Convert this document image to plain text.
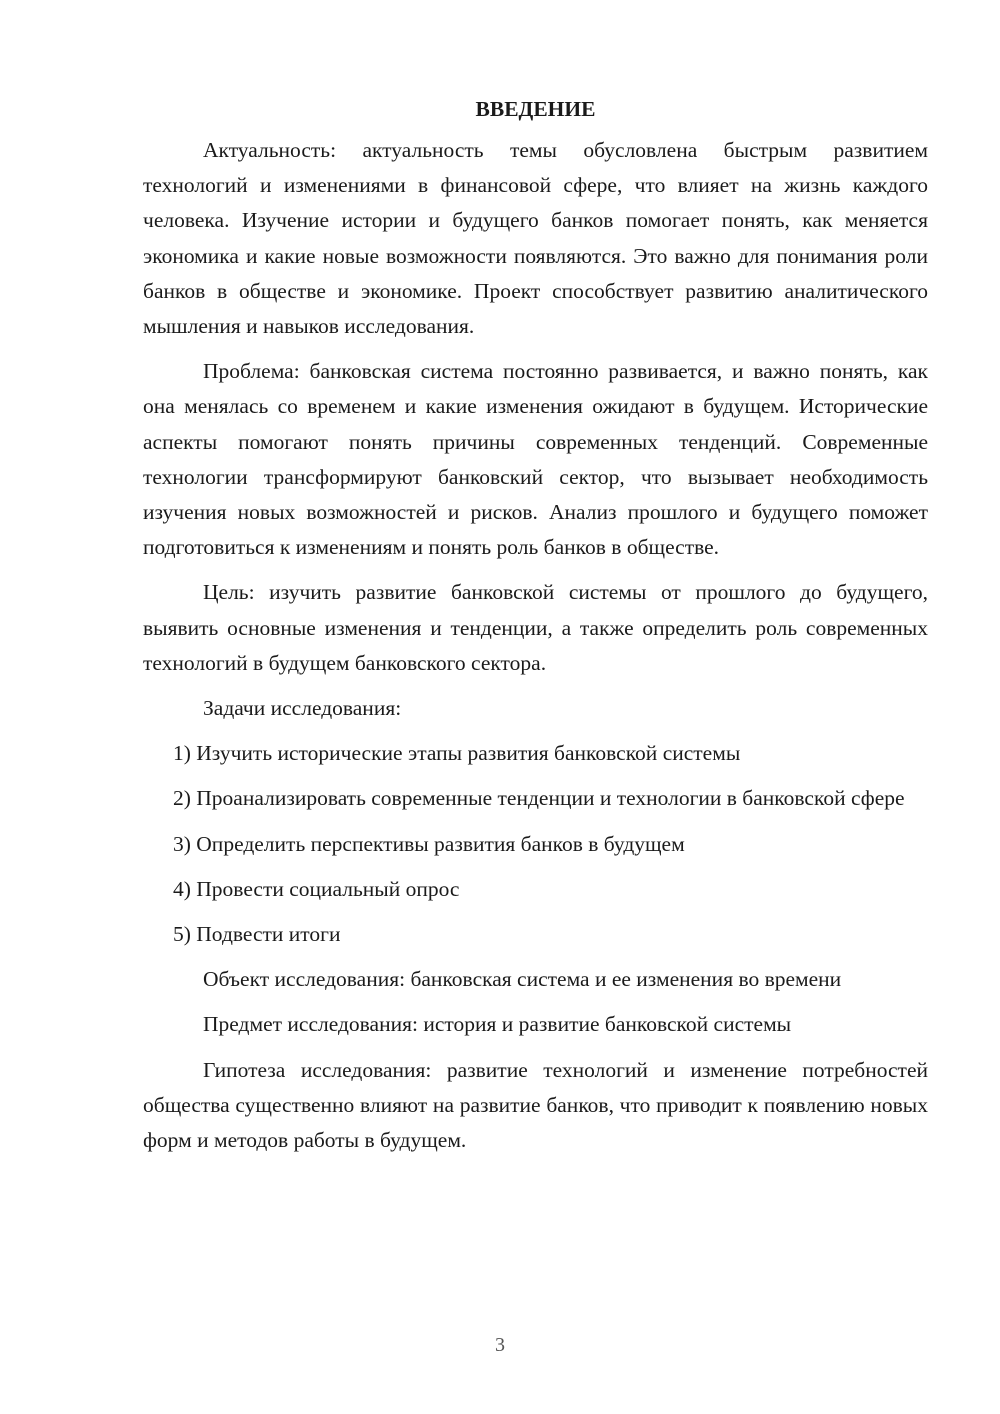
ВВЕДЕНИЕ

Актуальность: актуальность темы обусловлена быстрым развитием технологий и изменениями в финансовой сфере, что влияет на жизнь каждого человека. Изучение истории и будущего банков помогает понять, как меняется экономика и какие новые возможности появляются. Это важно для понимания роли банков в обществе и экономике. Проект способствует развитию аналитического мышления и навыков исследования.

Проблема: банковская система постоянно развивается, и важно понять, как она менялась со временем и какие изменения ожидают в будущем. Исторические аспекты помогают понять причины современных тенденций. Современные технологии трансформируют банковский сектор, что вызывает необходимость изучения новых возможностей и рисков. Анализ прошлого и будущего поможет подготовиться к изменениям и понять роль банков в обществе.

Цель: изучить развитие банковской системы от прошлого до будущего, выявить основные изменения и тенденции, а также определить роль современных технологий в будущем банковского сектора.

Задачи исследования:

1) Изучить исторические этапы развития банковской системы

2) Проанализировать современные тенденции и технологии в банковской сфере

3) Определить перспективы развития банков в будущем

4) Провести социальный опрос

5) Подвести итоги

Объект исследования: банковская система и ее изменения во времени

Предмет исследования: история и развитие банковской системы

Гипотеза исследования: развитие технологий и изменение потребностей общества существенно влияют на развитие банков, что приводит к появлению новых форм и методов работы в будущем.

3
